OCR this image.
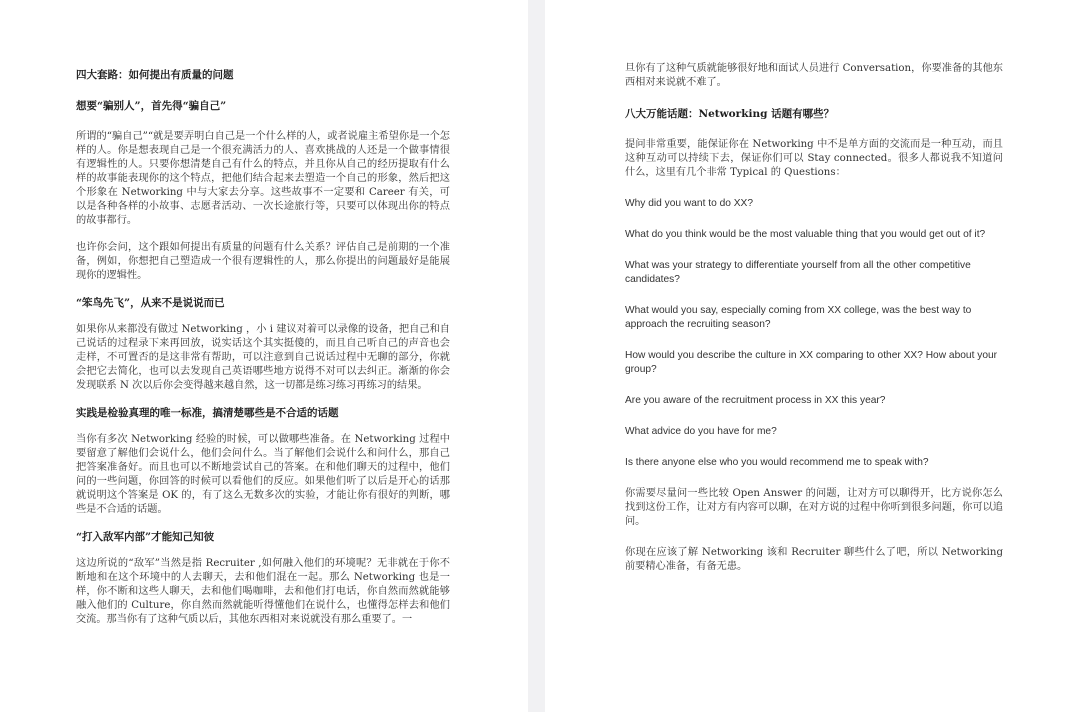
四大套路：如何提出有质量的问题

想要“骗别人”，首先得“骗自己”

所谓的“骗自己”“就是要弄明白自己是一个什么样的人，或者说雇主希望你是一个怎样的人。你是想表现自己是一个很充满活力的人、喜欢挑战的人还是一个做事情很有逻辑性的人。只要你想清楚自己有什么的特点，并且你从自己的经历提取有什么样的故事能表现你的这个特点，把他们结合起来去塑造一个自己的形象，然后把这个形象在 Networking 中与大家去分享。这些故事不一定要和 Career 有关，可以是各种各样的小故事、志愿者活动、一次长途旅行等，只要可以体现出你的特点的故事都行。

也许你会问，这个跟如何提出有质量的问题有什么关系？评估自己是前期的一个准备，例如，你想把自己塑造成一个很有逻辑性的人，那么你提出的问题最好是能展现你的逻辑性。

“笨鸟先飞”，从来不是说说而已

如果你从来都没有做过 Networking ，小 i 建议对着可以录像的设备，把自己和自己说话的过程录下来再回放，说实话这个其实挺傻的，而且自己听自己的声音也会走样，不可置否的是这非常有帮助，可以注意到自己说话过程中无聊的部分，你就会把它去简化，也可以去发现自己英语哪些地方说得不对可以去纠正。渐渐的你会发现联系 N 次以后你会变得越来越自然，这一切都是练习练习再练习的结果。

实践是检验真理的唯一标准，搞清楚哪些是不合适的话题

当你有多次 Networking 经验的时候，可以做哪些准备。在 Networking 过程中要留意了解他们会说什么，他们会问什么。当了解他们会说什么和问什么，那自己把答案准备好。而且也可以不断地尝试自己的答案。在和他们聊天的过程中，他们问的一些问题，你回答的时候可以看他们的反应。如果他们听了以后是开心的话那就说明这个答案是 OK 的，有了这么无数多次的实验，才能让你有很好的判断，哪些是不合适的话题。

“打入敌军内部”才能知己知彼

这边所说的“敌军”当然是指 Recruiter ,如何融入他们的环境呢？无非就在于你不断地和在这个环境中的人去聊天，去和他们混在一起。那么 Networking 也是一样，你不断和这些人聊天，去和他们喝咖啡，去和他们打电话，你自然而然就能够融入他们的 Culture，你自然而然就能听得懂他们在说什么，也懂得怎样去和他们交流。那当你有了这种气质以后，其他东西相对来说就没有那么重要了。一

旦你有了这种气质就能够很好地和面试人员进行 Conversation，你要准备的其他东西相对来说就不难了。

八大万能话题：Networking 话题有哪些？

提问非常重要，能保证你在 Networking 中不是单方面的交流而是一种互动，而且这种互动可以持续下去，保证你们可以 Stay connected。很多人都说我不知道问什么，这里有几个非常 Typical 的 Questions：

Why did you want to do XX?

What do you think would be the most valuable thing that you would get out of it?

What was your strategy to differentiate yourself from all the other competitive candidates?

What would you say, especially coming from XX college, was the best way to approach the recruiting season?

How would you describe the culture in XX comparing to other XX? How about your group?

Are you aware of the recruitment process in XX this year?

What advice do you have for me?

Is there anyone else who you would recommend me to speak with?

你需要尽量问一些比较 Open Answer 的问题，让对方可以聊得开，比方说你怎么找到这份工作，让对方有内容可以聊，在对方说的过程中你听到很多问题，你可以追问。

你现在应该了解 Networking 该和 Recruiter 聊些什么了吧，所以 Networking 前要精心准备，有备无患。
